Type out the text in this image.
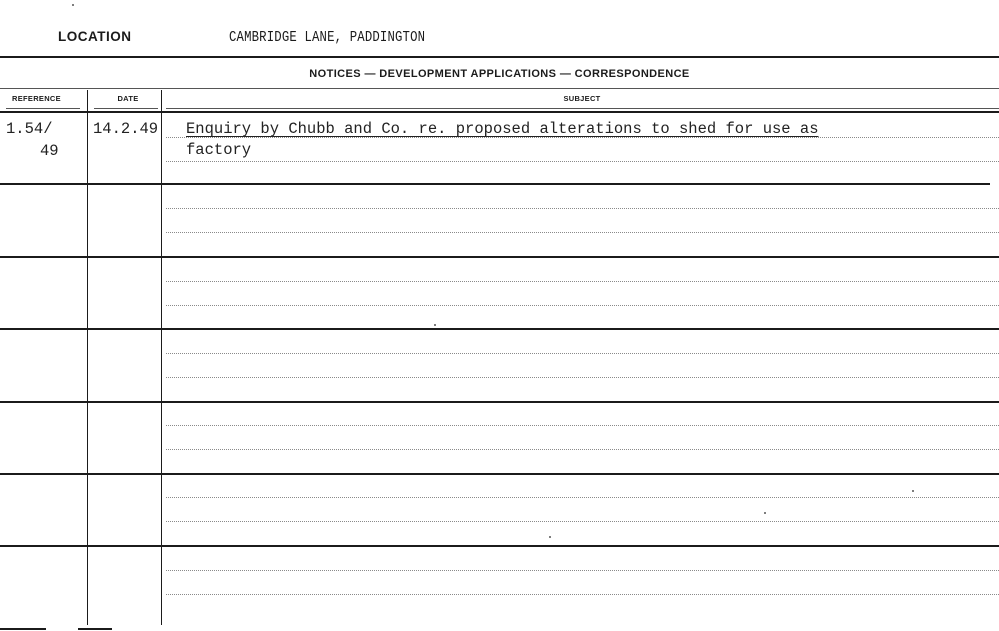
LOCATION	CAMBRIDGE LANE, PADDINGTON
NOTICES — DEVELOPMENT APPLICATIONS — CORRESPONDENCE
REFERENCE	DATE	SUBJECT
1.54/
49
14.2.49 Enquiry by Chubb and Co. re. proposed alterations to shed for use as
factory
